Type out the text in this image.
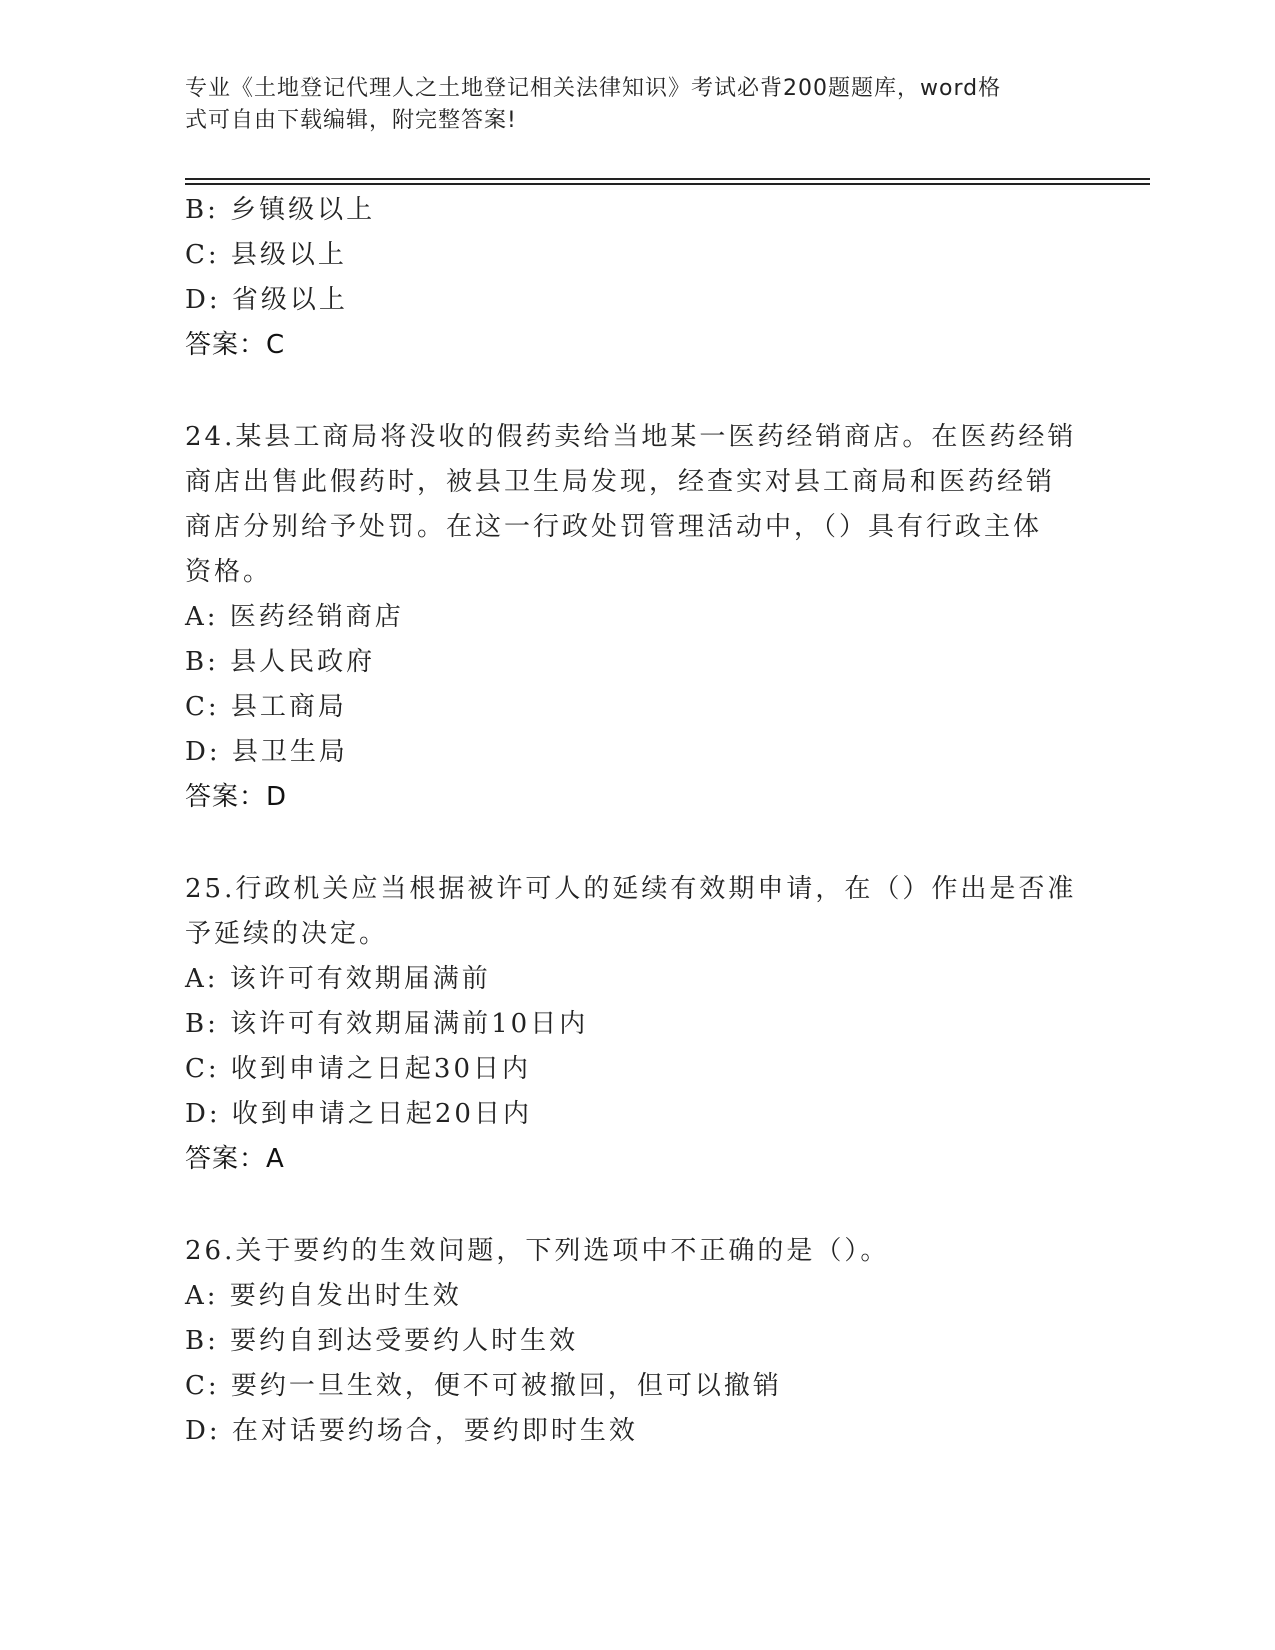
专业《土地登记代理人之土地登记相关法律知识》考试必背200题题库，word格
式可自由下载编辑，附完整答案!
B: 乡镇级以上
C: 县级以上
D: 省级以上
答案：C
24.某县工商局将没收的假药卖给当地某一医药经销商店。在医药经销
商店出售此假药时，被县卫生局发现，经查实对县工商局和医药经销
商店分别给予处罚。在这一行政处罚管理活动中，（）具有行政主体
资格。
A: 医药经销商店
B: 县人民政府
C: 县工商局
D: 县卫生局
答案：D
25.行政机关应当根据被许可人的延续有效期申请，在（）作出是否准
予延续的决定。
A: 该许可有效期届满前
B: 该许可有效期届满前10日内
C: 收到申请之日起30日内
D: 收到申请之日起20日内
答案：A
26.关于要约的生效问题，下列选项中不正确的是（）。
A: 要约自发出时生效
B: 要约自到达受要约人时生效
C: 要约一旦生效，便不可被撤回，但可以撤销
D: 在对话要约场合，要约即时生效
